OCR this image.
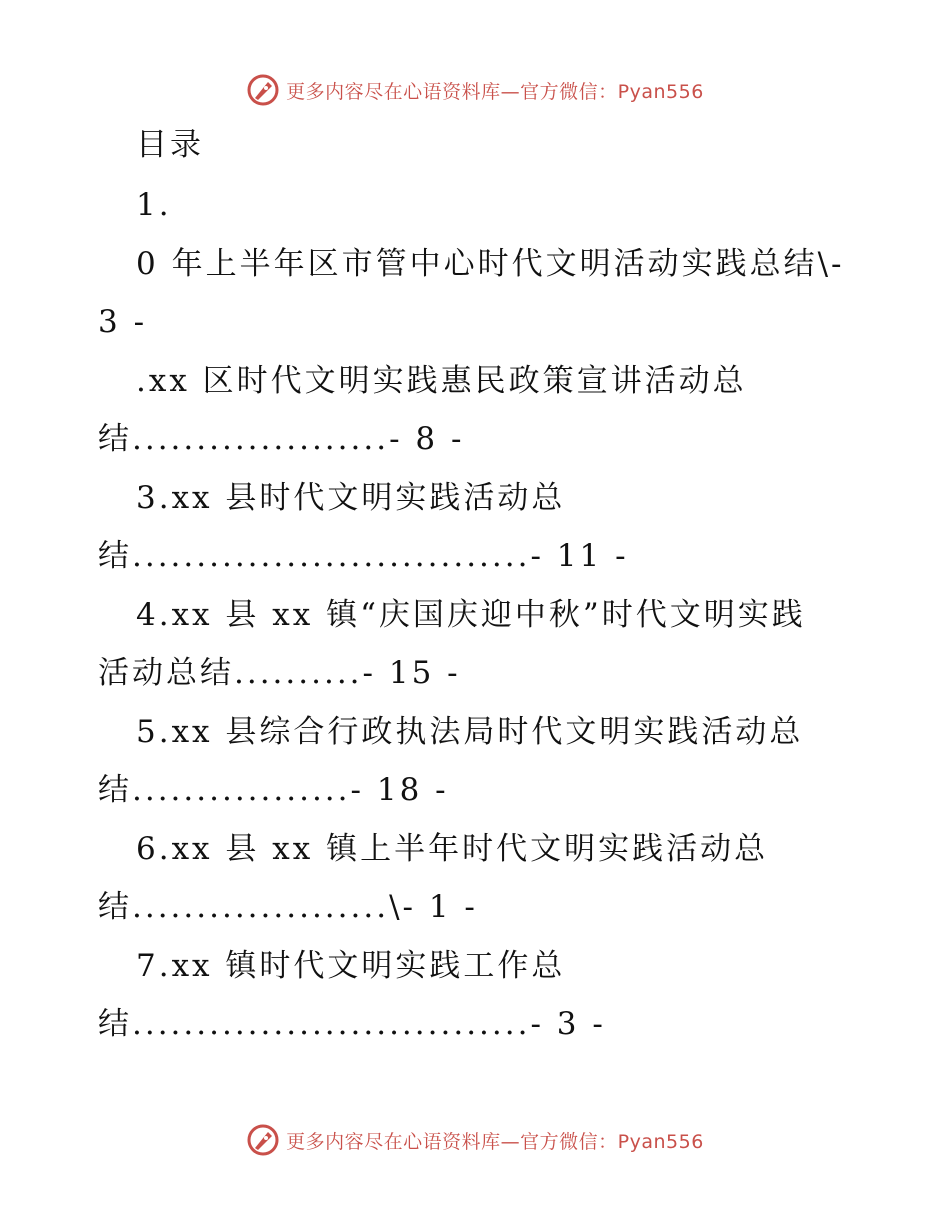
更多内容尽在心语资料库—官方微信：Pyan556
目录
1.
0 年上半年区市管中心时代文明活动实践总结\-
3 -
.xx 区时代文明实践惠民政策宣讲活动总
结....................- 8 -
3.xx 县时代文明实践活动总
结...............................- 11 -
4.xx 县 xx 镇“庆国庆迎中秋”时代文明实践
活动总结..........- 15 -
5.xx 县综合行政执法局时代文明实践活动总
结.................- 18 -
6.xx 县 xx 镇上半年时代文明实践活动总
结....................\- 1 -
7.xx 镇时代文明实践工作总
结...............................- 3 -
更多内容尽在心语资料库—官方微信：Pyan556
